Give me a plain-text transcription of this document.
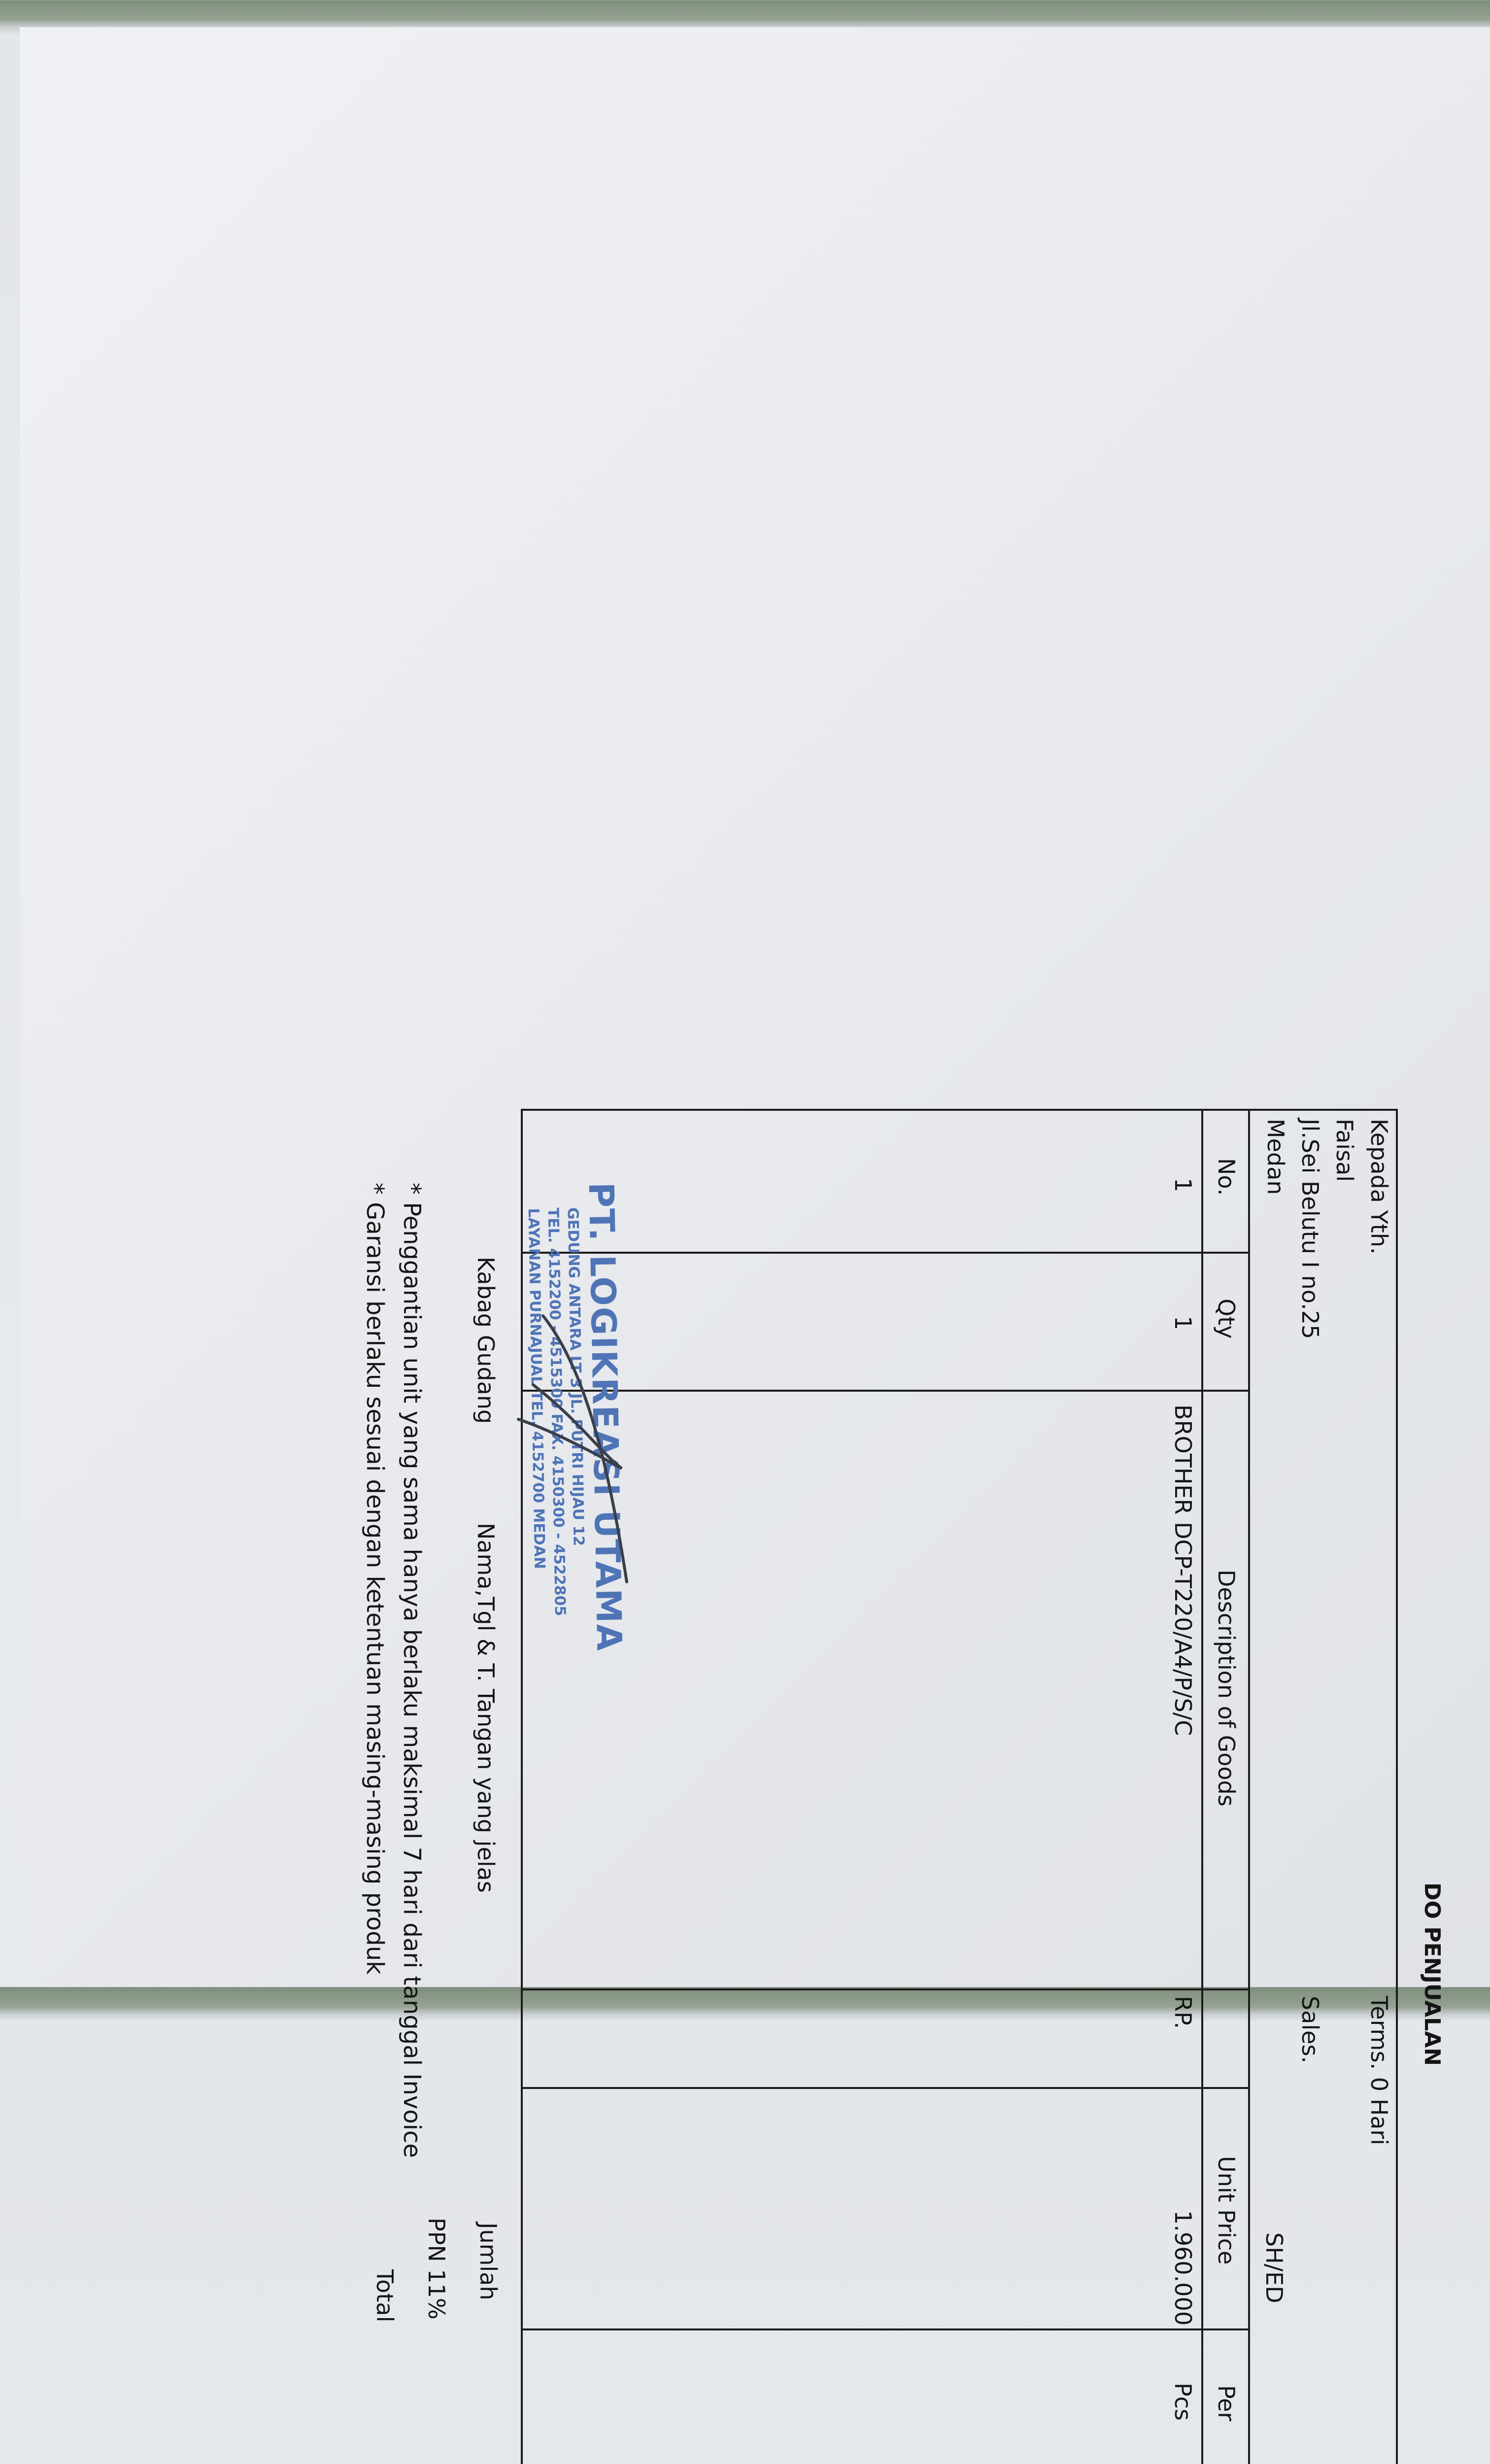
DO PENJUALAN
Kepada Yth.
Faisal
Jl.Sei Belutu I no.25
Medan
Terms. 0 Hari
Sales.
SH/ED
No.
Qty
Description of Goods
Unit Price
Per
1
1
BROTHER DCP-T220/A4/P/S/C
RP.
1.960.000
Pcs
Jumlah
PPN 11%
Total
Kabag Gudang
Nama,Tgl & T. Tangan yang jelas
PT. LOGIKREASI UTAMA
GEDUNG ANTARA LT 3 JL. PUTRI HIJAU 12
TEL. 4152200 - 4515300 FAX. 4150300 - 4522805
LAYANAN PURNAJUAL TEL. 4152700 MEDAN
* Penggantian unit yang sama hanya berlaku maksimal 7 hari dari tanggal Invoice
* Garansi berlaku sesuai dengan ketentuan masing-masing produk
